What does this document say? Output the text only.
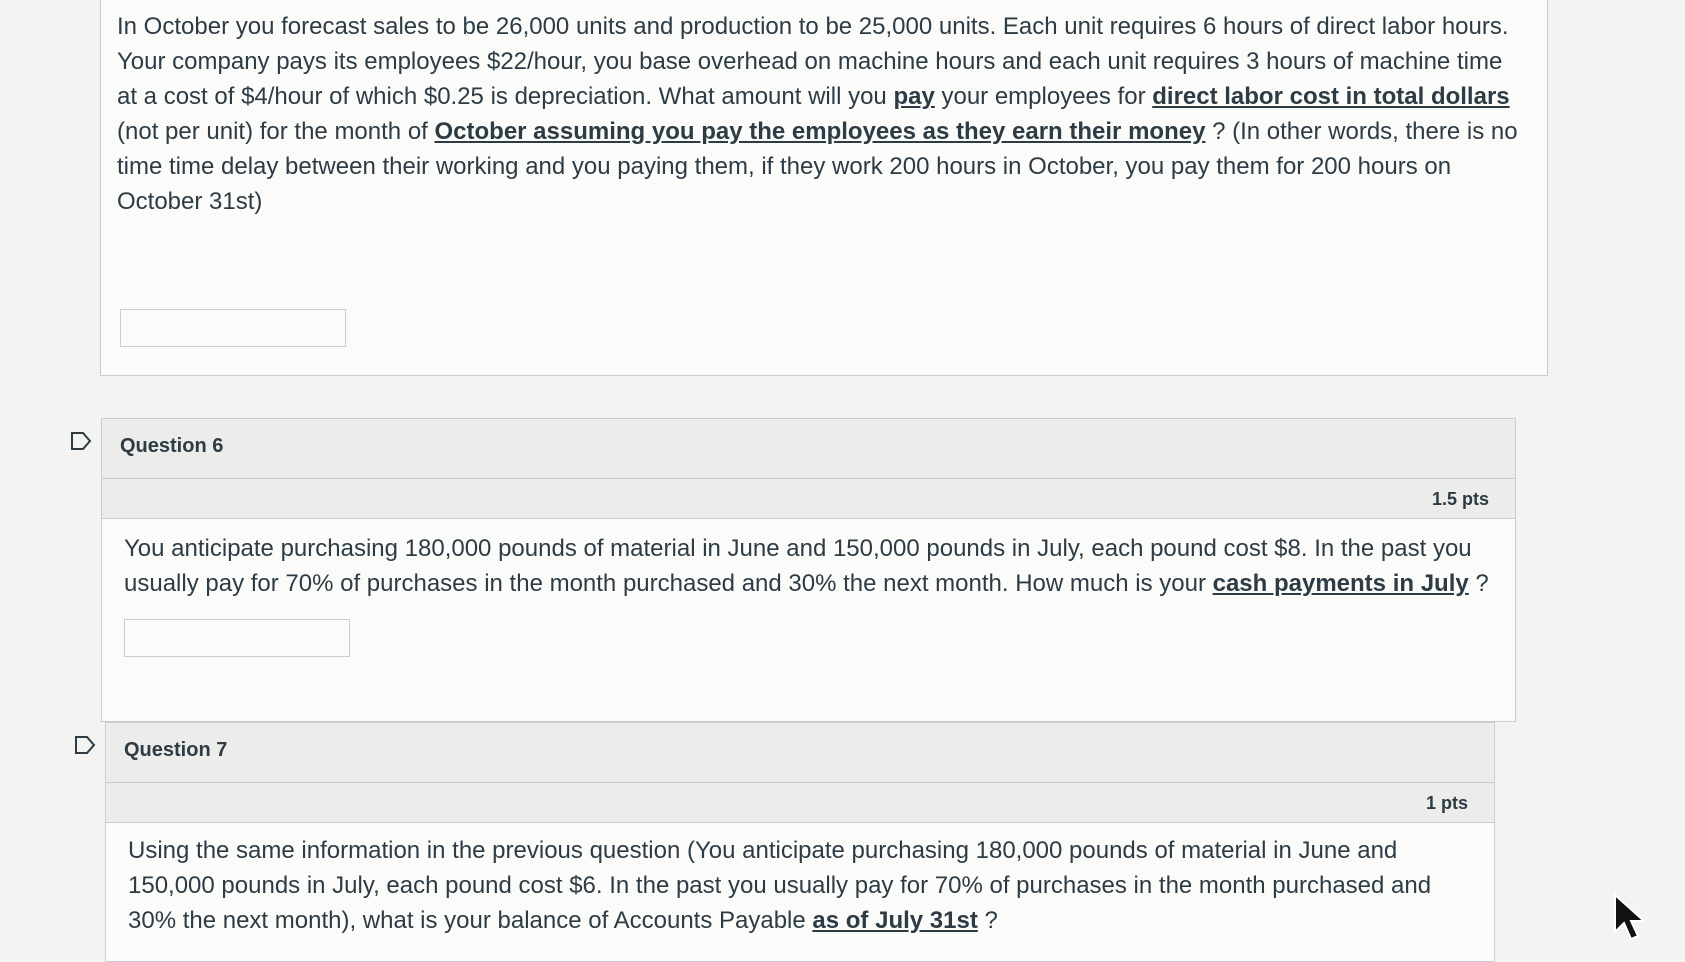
In October you forecast sales to be 26,000 units and production to be 25,000 units. Each unit requires 6 hours of direct labor hours. Your company pays its employees $22/hour, you base overhead on machine hours and each unit requires 3 hours of machine time at a cost of $4/hour of which $0.25 is depreciation. What amount will you pay your employees for direct labor cost in total dollars (not per unit) for the month of October assuming you pay the employees as they earn their money ? (In other words, there is no time time delay between their working and you paying them, if they work 200 hours in October, you pay them for 200 hours on October 31st)
Question 6
1.5 pts
You anticipate purchasing 180,000 pounds of material in June and 150,000 pounds in July, each pound cost $8. In the past you usually pay for 70% of purchases in the month purchased and 30% the next month. How much is your cash payments in July ?
Question 7
1 pts
Using the same information in the previous question (You anticipate purchasing 180,000 pounds of material in June and 150,000 pounds in July, each pound cost $6. In the past you usually pay for 70% of purchases in the month purchased and 30% the next month), what is your balance of Accounts Payable as of July 31st ?
